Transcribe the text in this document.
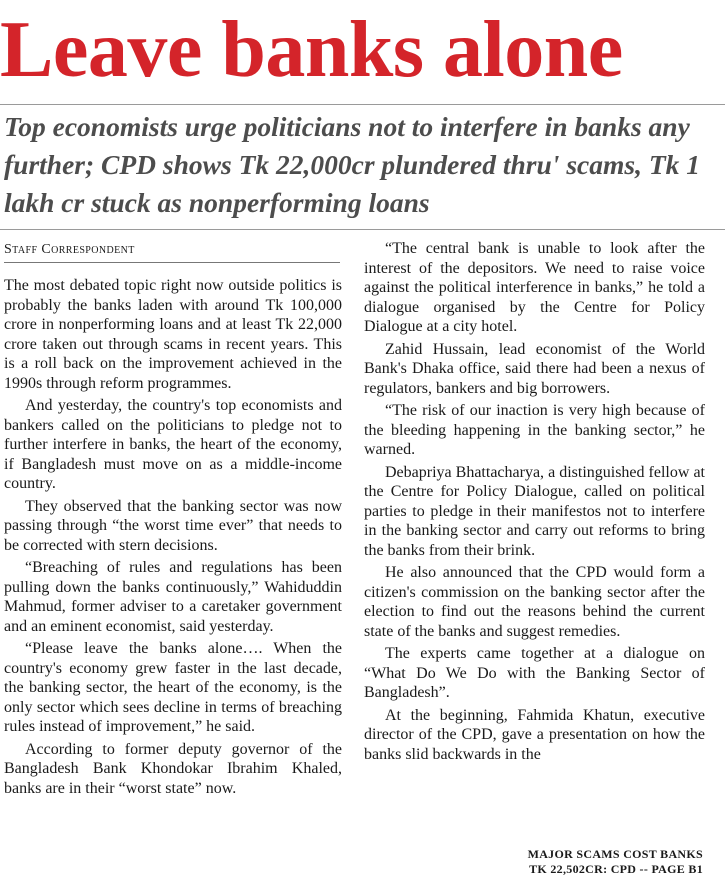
Leave banks alone

Top economists urge politicians not to interfere in banks any further; CPD shows Tk 22,000cr plundered thru' scams, Tk 1 lakh cr stuck as nonperforming loans

Staff Correspondent

The most debated topic right now outside politics is probably the banks laden with around Tk 100,000 crore in nonperforming loans and at least Tk 22,000 crore taken out through scams in recent years. This is a roll back on the improvement achieved in the 1990s through reform programmes.

And yesterday, the country's top economists and bankers called on the politicians to pledge not to further interfere in banks, the heart of the economy, if Bangladesh must move on as a middle-income country.

They observed that the banking sector was now passing through “the worst time ever” that needs to be corrected with stern decisions.

“Breaching of rules and regulations has been pulling down the banks continuously,” Wahiduddin Mahmud, former adviser to a caretaker government and an eminent economist, said yesterday.

“Please leave the banks alone…. When the country's economy grew faster in the last decade, the banking sector, the heart of the economy, is the only sector which sees decline in terms of breaching rules instead of improvement,” he said.

According to former deputy governor of the Bangladesh Bank Khondokar Ibrahim Khaled, banks are in their “worst state” now.

“The central bank is unable to look after the interest of the depositors. We need to raise voice against the political interference in banks,” he told a dialogue organised by the Centre for Policy Dialogue at a city hotel.

Zahid Hussain, lead economist of the World Bank's Dhaka office, said there had been a nexus of regulators, bankers and big borrowers.

“The risk of our inaction is very high because of the bleeding happening in the banking sector,” he warned.

Debapriya Bhattacharya, a distinguished fellow at the Centre for Policy Dialogue, called on political parties to pledge in their manifestos not to interfere in the banking sector and carry out reforms to bring the banks from their brink.

He also announced that the CPD would form a citizen's commission on the banking sector after the election to find out the reasons behind the current state of the banks and suggest remedies.

The experts came together at a dialogue on “What Do We Do with the Banking Sector of Bangladesh”.

At the beginning, Fahmida Khatun, executive director of the CPD, gave a presentation on how the banks slid backwards in the

MAJOR SCAMS COST BANKS
TK 22,502CR: CPD -- PAGE B1
